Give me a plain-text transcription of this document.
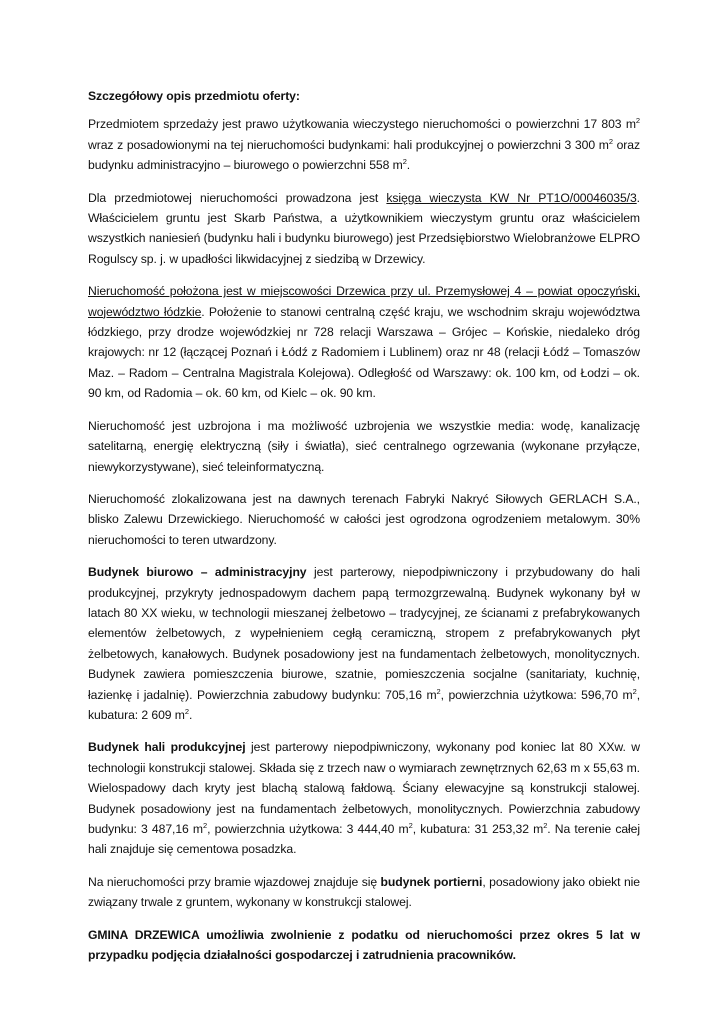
Szczegółowy opis przedmiotu oferty:

Przedmiotem sprzedaży jest prawo użytkowania wieczystego nieruchomości o powierzchni 17 803 $m^2$ wraz z posadowionymi na tej nieruchomości budynkami: hali produkcyjnej o powierzchni 3 300 $m^2$ oraz budynku administracyjno – biurowego o powierzchni 558 $m^2$.

Dla przedmiotowej nieruchomości prowadzona jest księga wieczysta KW Nr PT1O/00046035/3. Właścicielem gruntu jest Skarb Państwa, a użytkownikiem wieczystym gruntu oraz właścicielem wszystkich naniesień (budynku hali i budynku biurowego) jest Przedsiębiorstwo Wielobranżowe ELPRO Rogulscy sp. j. w upadłości likwidacyjnej z siedzibą w Drzewicy.

Nieruchomość położona jest w miejscowości Drzewica przy ul. Przemysłowej 4 – powiat opoczyński, województwo łódzkie. Położenie to stanowi centralną część kraju, we wschodnim skraju województwa łódzkiego, przy drodze wojewódzkiej nr 728 relacji Warszawa – Grójec – Końskie, niedaleko dróg krajowych: nr 12 (łączącej Poznań i Łódź z Radomiem i Lublinem) oraz nr 48 (relacji Łódź – Tomaszów Maz. – Radom – Centralna Magistrala Kolejowa). Odległość od Warszawy: ok. 100 km, od Łodzi – ok. 90 km, od Radomia – ok. 60 km, od Kielc – ok. 90 km.

Nieruchomość jest uzbrojona i ma możliwość uzbrojenia we wszystkie media: wodę, kanalizację satelitarną, energię elektryczną (siły i światła), sieć centralnego ogrzewania (wykonane przyłącze, niewykorzystywane), sieć teleinformatyczną.

Nieruchomość zlokalizowana jest na dawnych terenach Fabryki Nakryć Siłowych GERLACH S.A., blisko Zalewu Drzewickiego. Nieruchomość w całości jest ogrodzona ogrodzeniem metalowym. 30% nieruchomości to teren utwardzony.

Budynek biurowo – administracyjny jest parterowy, niepodpiwniczony i przybudowany do hali produkcyjnej, przykryty jednospadowym dachem papą termozgrzewalną. Budynek wykonany był w latach 80 XX wieku, w technologii mieszanej żelbetowo – tradycyjnej, ze ścianami z prefabrykowanych elementów żelbetowych, z wypełnieniem cegłą ceramiczną, stropem z prefabrykowanych płyt żelbetowych, kanałowych. Budynek posadowiony jest na fundamentach żelbetowych, monolitycznych. Budynek zawiera pomieszczenia biurowe, szatnie, pomieszczenia socjalne (sanitariaty, kuchnię, łazienkę i jadalnię). Powierzchnia zabudowy budynku: 705,16 $m^2$, powierzchnia użytkowa: 596,70 $m^2$, kubatura: 2 609 $m^2$.

Budynek hali produkcyjnej jest parterowy niepodpiwniczony, wykonany pod koniec lat 80 XXw. w technologii konstrukcji stalowej. Składa się z trzech naw o wymiarach zewnętrznych 62,63 m x 55,63 m. Wielospadowy dach kryty jest blachą stalową fałdową. Ściany elewacyjne są konstrukcji stalowej. Budynek posadowiony jest na fundamentach żelbetowych, monolitycznych. Powierzchnia zabudowy budynku: 3 487,16 $m^2$, powierzchnia użytkowa: 3 444,40 $m^2$, kubatura: 31 253,32 $m^2$. Na terenie całej hali znajduje się cementowa posadzka.

Na nieruchomości przy bramie wjazdowej znajduje się budynek portierni, posadowiony jako obiekt nie związany trwale z gruntem, wykonany w konstrukcji stalowej.

GMINA DRZEWICA umożliwia zwolnienie z podatku od nieruchomości przez okres 5 lat w przypadku podjęcia działalności gospodarczej i zatrudnienia pracowników.
